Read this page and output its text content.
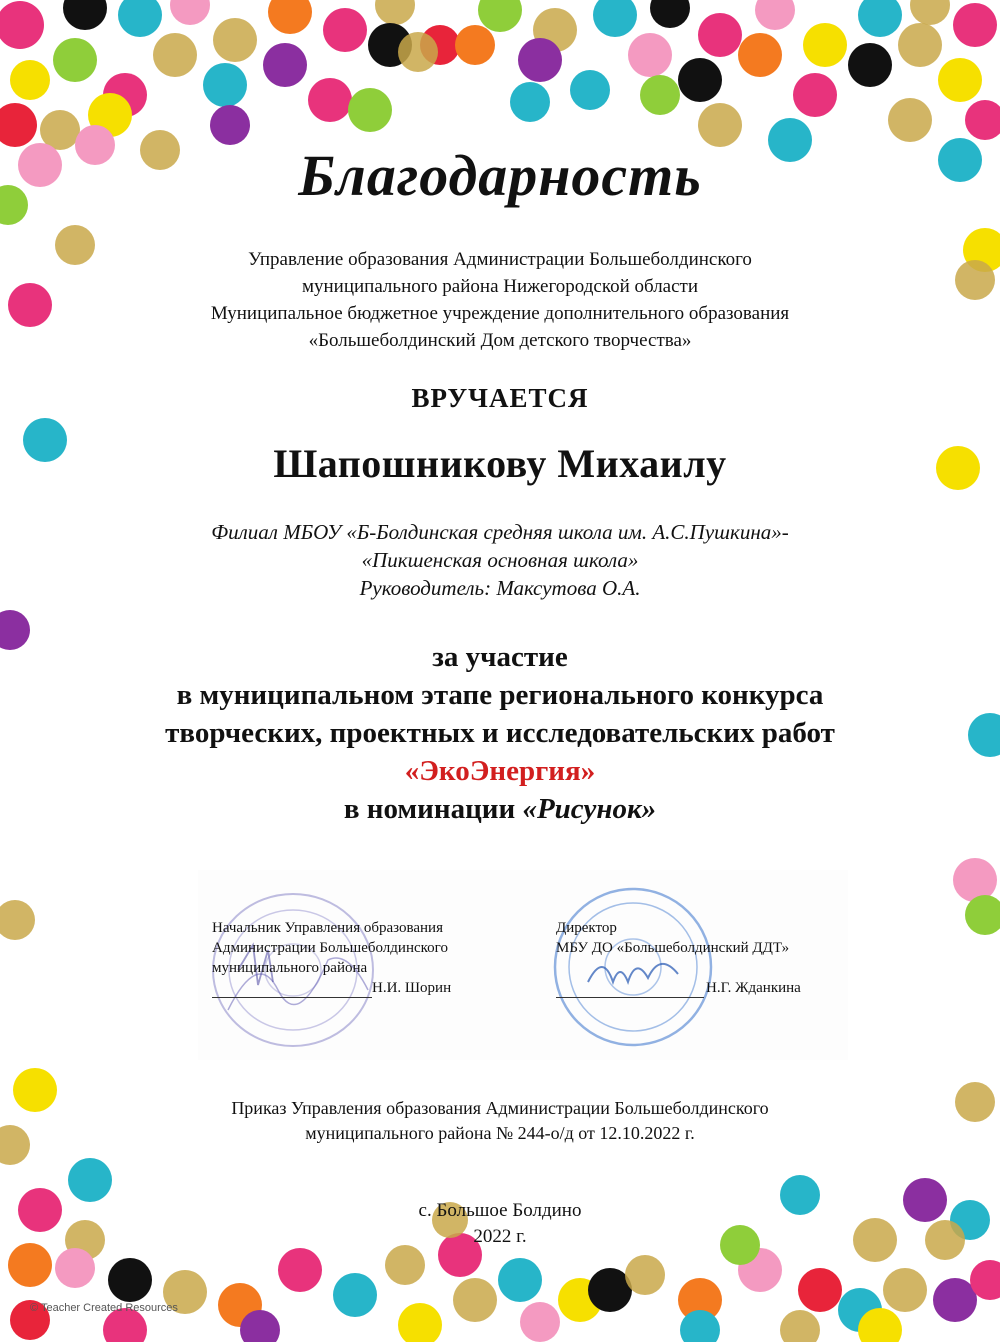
Благодарность
Управление образования Администрации Большеболдинского
муниципального района Нижегородской области
Муниципальное бюджетное учреждение дополнительного образования
«Большеболдинский Дом детского творчества»
ВРУЧАЕТСЯ
Шапошникову Михаилу
Филиал МБОУ «Б-Болдинская средняя школа им. А.С.Пушкина»-
«Пикшенская основная школа»
Руководитель: Максутова О.А.
за участие
в муниципальном этапе регионального конкурса
творческих, проектных и исследовательских работ
«ЭкоЭнергия»
в номинации «Рисунок»
Начальник Управления образования
Администрации Большеболдинского
муниципального района
Н.И. Шорин
Директор
МБУ ДО «Большеболдинский ДДТ»
Н.Г. Жданкина
Приказ Управления образования Администрации Большеболдинского
муниципального района № 244-о/д от 12.10.2022 г.
с. Большое Болдино
2022 г.
© Teacher Created Resources
